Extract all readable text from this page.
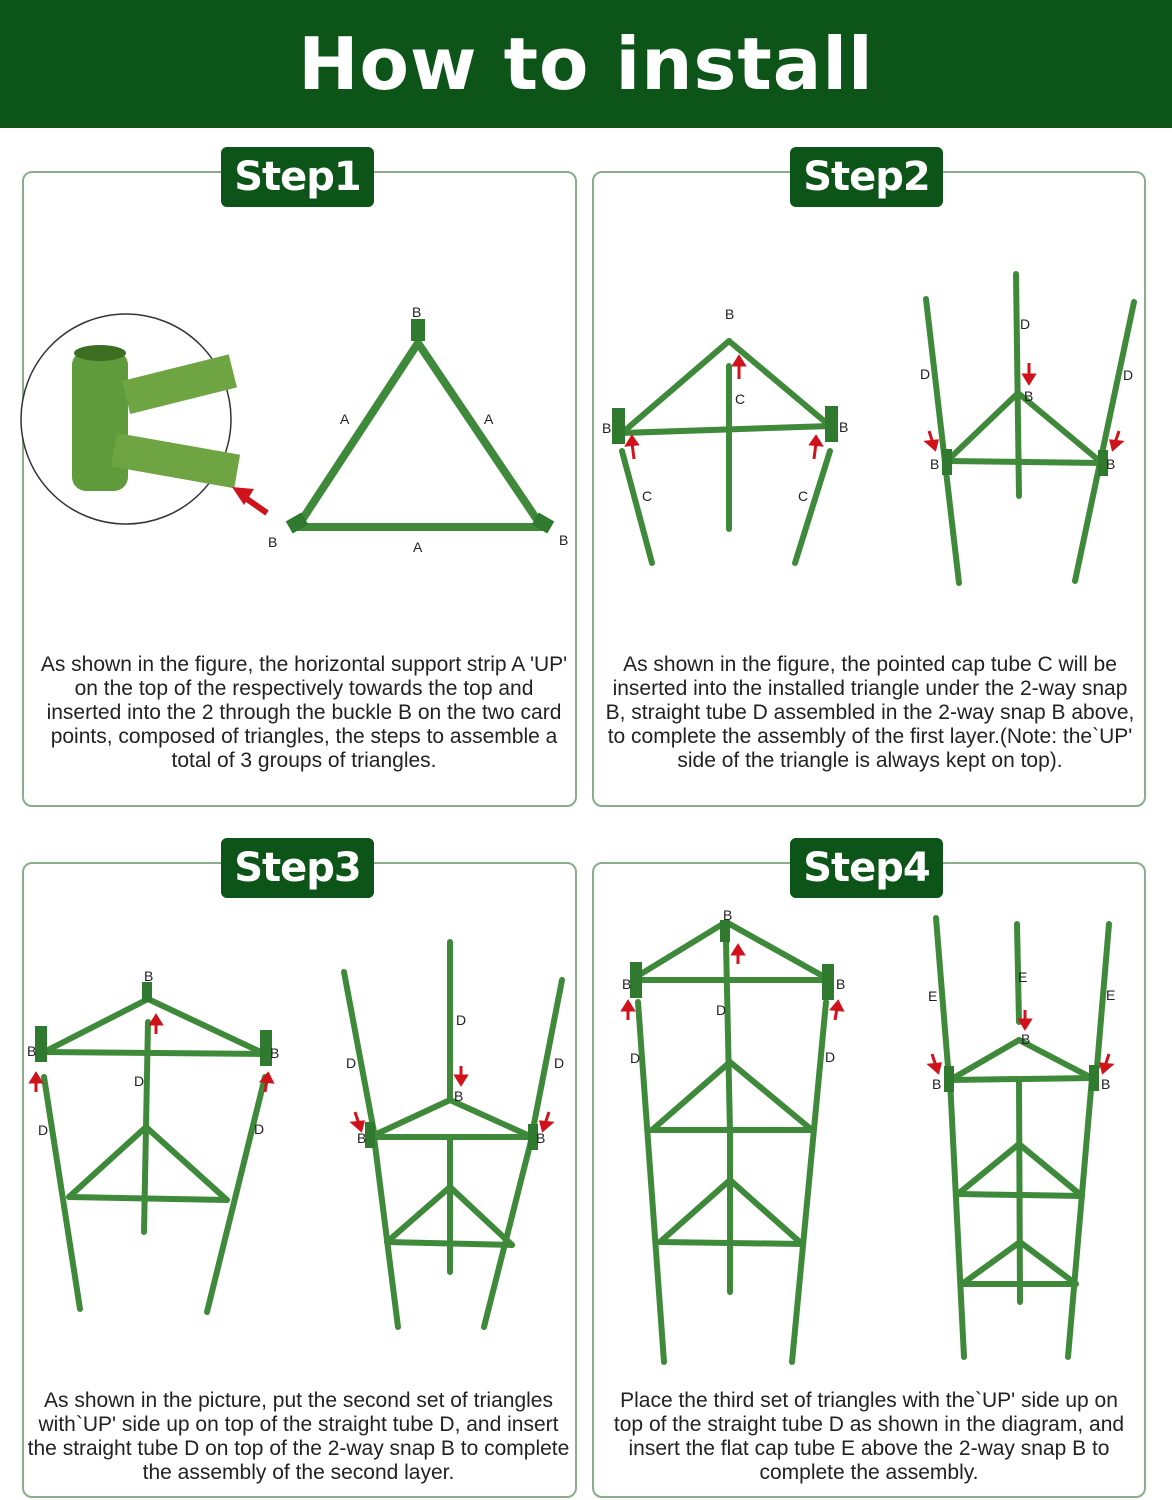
How to install
Step1
B
A	A
A
B	B
As shown in the figure, the horizontal support strip A 'UP' on the top of the respectively towards the top and inserted into the 2 through the buckle B on the two card points, composed of triangles, the steps to assemble a total of 3 groups of triangles.
Step2
B
C
B	B
C	C
D
D	D
B
B	B
As shown in the figure, the pointed cap tube C will be inserted into the installed triangle under the 2-way snap B, straight tube D assembled in the 2-way snap B above, to complete the assembly of the first layer.(Note: the`UP' side of the triangle is always kept on top).
Step3
B
B	B
D
D	D
D
D	D
B
B	B
As shown in the picture, put the second set of triangles with`UP' side up on top of the straight tube D, and insert the straight tube D on top of the 2-way snap B to complete the assembly of the second layer.
Step4
B
B	B
D
D	D
E
E	E
B
B	B
Place the third set of triangles with the`UP' side up on top of the straight tube D as shown in the diagram, and insert the flat cap tube E above the 2-way snap B to complete the assembly.
